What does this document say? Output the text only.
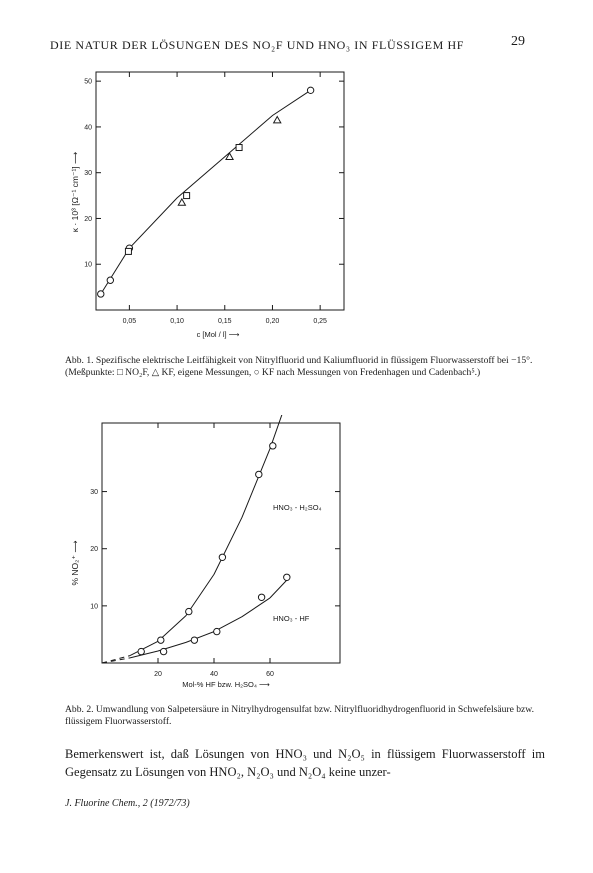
DIE NATUR DER LÖSUNGEN DES NO₂F UND HNO₃ IN FLÜSSIGEM HF	29
0,05	0,10	0,15	0,20	0,25
10
20
30
40
50
c [Mol / l] ⟶
κ · 10³ [Ω⁻¹ cm⁻¹] ⟶
Abb. 1. Spezifische elektrische Leitfähigkeit von Nitrylfluorid und Kaliumfluorid in flüssigem Fluorwasserstoff bei −15°. (Meßpunkte: □ NO₂F, △ KF, eigene Messungen, ○ KF nach Messungen von Fredenhagen und Cadenbach⁵.)
20	40	60
10
20
30
HNO₃ - H₂SO₄
HNO₃ - HF
Mol-% HF bzw. H₂SO₄ ⟶
% NO₂⁺ ⟶
Abb. 2. Umwandlung von Salpetersäure in Nitrylhydrogensulfat bzw. Nitrylfluoridhydrogenfluorid in Schwefelsäure bzw. flüssigem Fluorwasserstoff.
Bemerkenswert ist, daß Lösungen von HNO₃ und N₂O₅ in flüssigem Fluorwasserstoff im Gegensatz zu Lösungen von HNO₂, N₂O₃ und N₂O₄ keine unzer-
J. Fluorine Chem., 2 (1972/73)
